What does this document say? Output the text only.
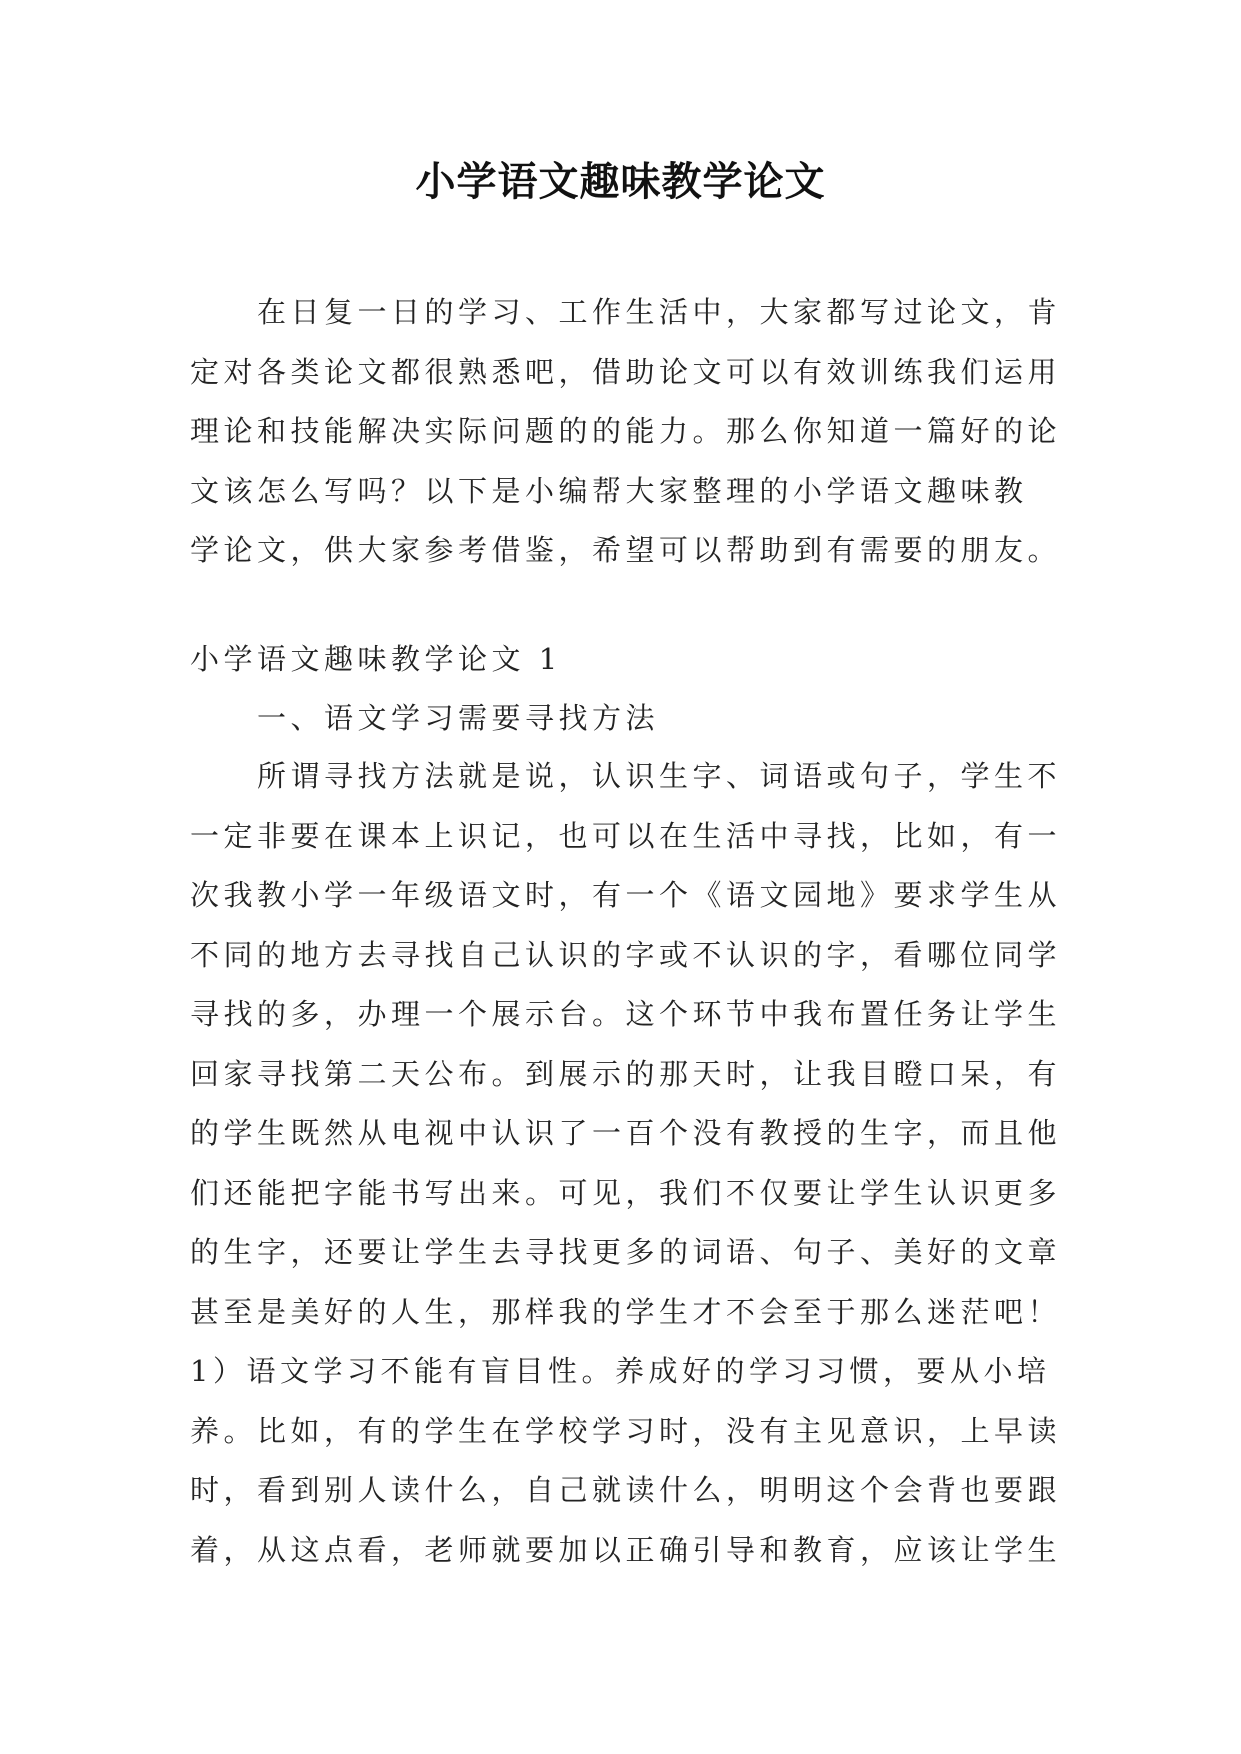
小学语文趣味教学论文
在日复一日的学习、工作生活中，大家都写过论文，肯
定对各类论文都很熟悉吧，借助论文可以有效训练我们运用
理论和技能解决实际问题的的能力。那么你知道一篇好的论
文该怎么写吗？以下是小编帮大家整理的小学语文趣味教
学论文，供大家参考借鉴，希望可以帮助到有需要的朋友。
小学语文趣味教学论文 1
一、语文学习需要寻找方法
所谓寻找方法就是说，认识生字、词语或句子，学生不
一定非要在课本上识记，也可以在生活中寻找，比如，有一
次我教小学一年级语文时，有一个《语文园地》要求学生从
不同的地方去寻找自己认识的字或不认识的字，看哪位同学
寻找的多，办理一个展示台。这个环节中我布置任务让学生
回家寻找第二天公布。到展示的那天时，让我目瞪口呆，有
的学生既然从电视中认识了一百个没有教授的生字，而且他
们还能把字能书写出来。可见，我们不仅要让学生认识更多
的生字，还要让学生去寻找更多的词语、句子、美好的文章
甚至是美好的人生，那样我的学生才不会至于那么迷茫吧！
1）语文学习不能有盲目性。养成好的学习习惯，要从小培
养。比如，有的学生在学校学习时，没有主见意识，上早读
时，看到别人读什么，自己就读什么，明明这个会背也要跟
着，从这点看，老师就要加以正确引导和教育，应该让学生
